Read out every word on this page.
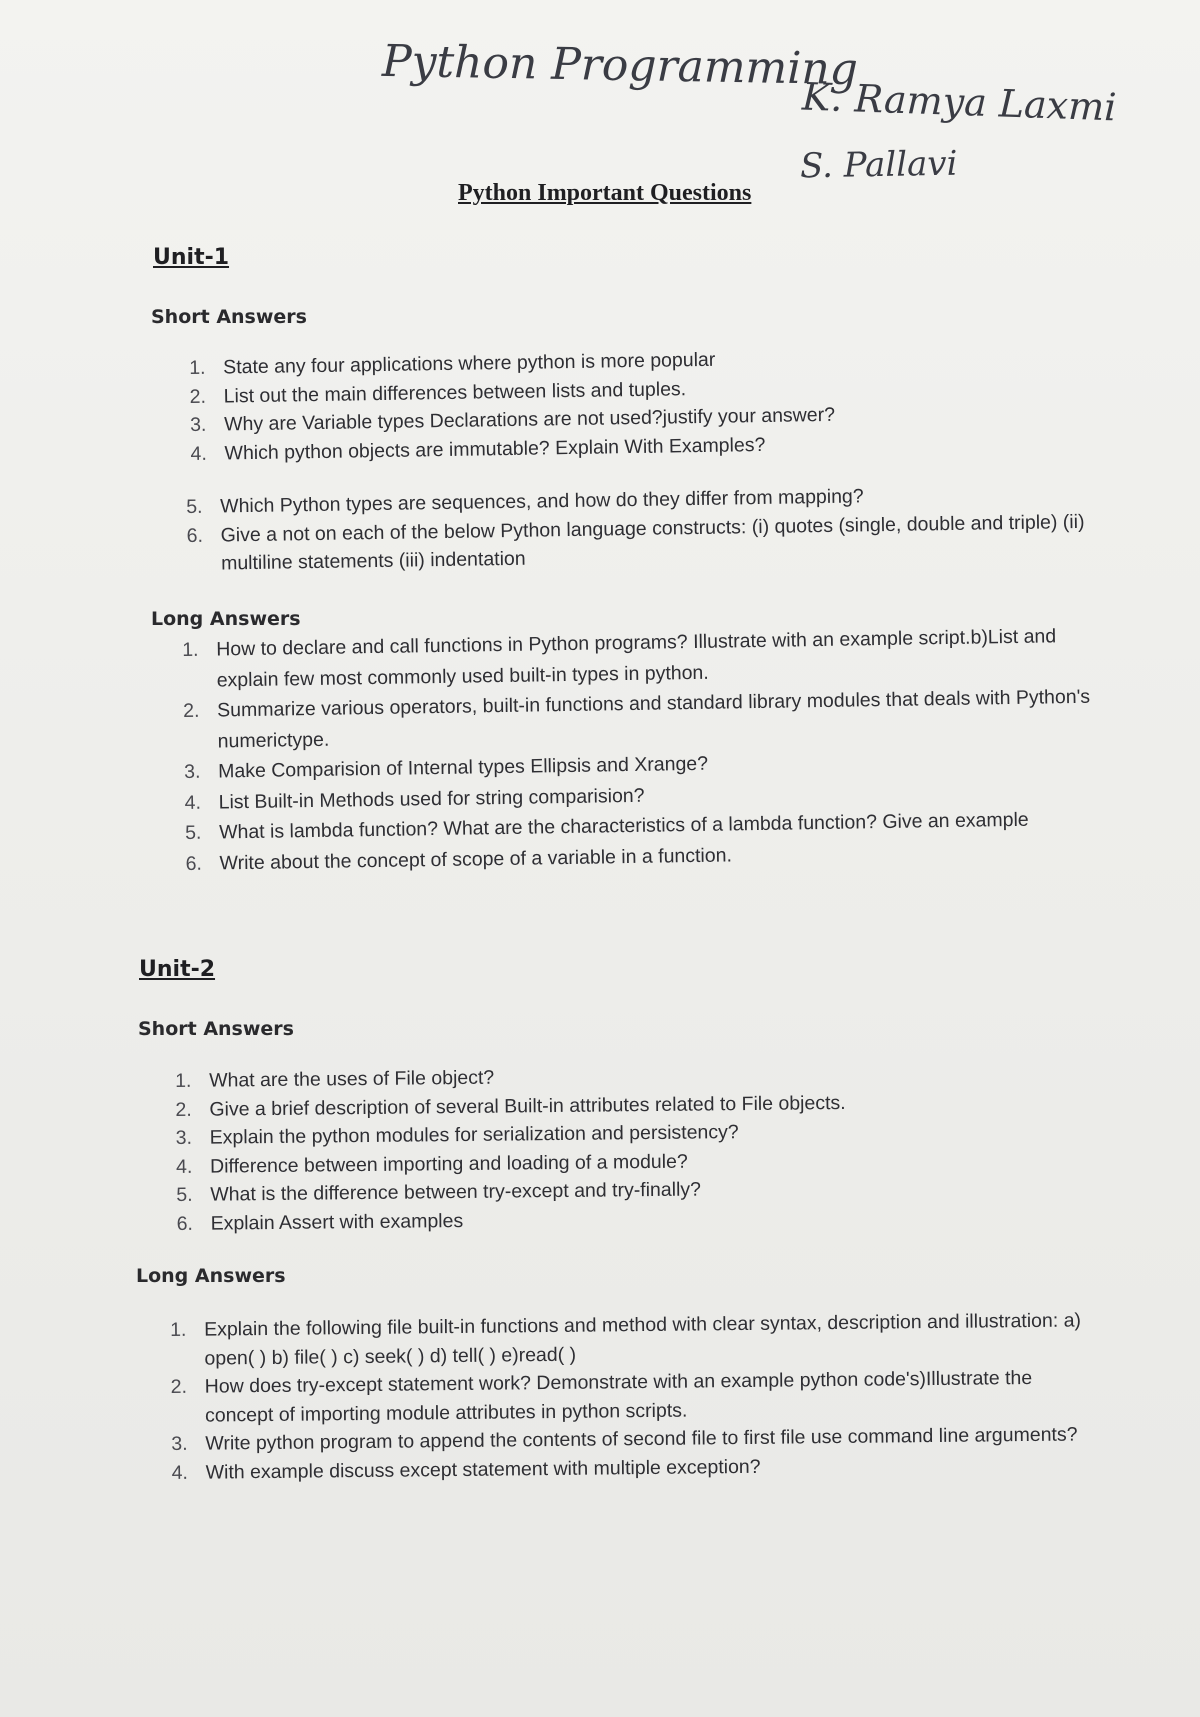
Python Programming
K. Ramya Laxmi
S. Pallavi
Python Important Questions
Unit-1
Short Answers
1. State any four applications where python is more popular
2. List out the main differences between lists and tuples.
3. Why are Variable types Declarations are not used?justify your answer?
4. Which python objects are immutable? Explain With Examples?
5. Which Python types are sequences, and how do they differ from mapping?
6. Give a not on each of the below Python language constructs: (i) quotes (single, double and triple) (ii) multiline statements (iii) indentation
Long Answers
1. How to declare and call functions in Python programs? Illustrate with an example script.b)List and explain few most commonly used built-in types in python.
2. Summarize various operators, built-in functions and standard library modules that deals with Python's numerictype.
3. Make Comparision of Internal types Ellipsis and Xrange?
4. List Built-in Methods used for string comparision?
5. What is lambda function? What are the characteristics of a lambda function? Give an example
6. Write about the concept of scope of a variable in a function.
Unit-2
Short Answers
1. What are the uses of File object?
2. Give a brief description of several Built-in attributes related to File objects.
3. Explain the python modules for serialization and persistency?
4. Difference between importing and loading of a module?
5. What is the difference between try-except and try-finally?
6. Explain Assert with examples
Long Answers
1. Explain the following file built-in functions and method with clear syntax, description and illustration: a) open( ) b) file( ) c) seek( ) d) tell( ) e)read( )
2. How does try-except statement work? Demonstrate with an example python code's)Illustrate the concept of importing module attributes in python scripts.
3. Write python program to append the contents of second file to first file use command line arguments?
4. With example discuss except statement with multiple exception?
